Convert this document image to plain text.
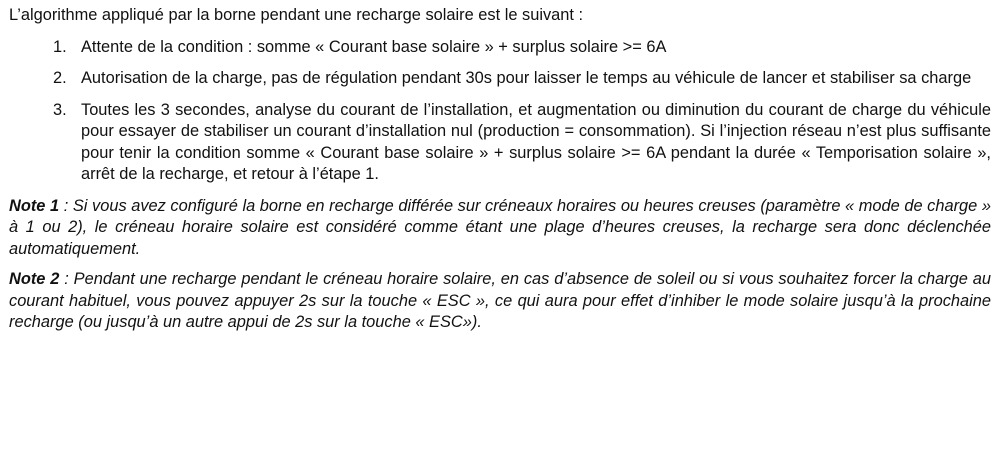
L’algorithme appliqué par la borne pendant une recharge solaire est le suivant :

1. Attente de la condition : somme « Courant base solaire » + surplus solaire >= 6A
2. Autorisation de la charge, pas de régulation pendant 30s pour laisser le temps au véhicule de lancer et stabiliser sa charge
3. Toutes les 3 secondes, analyse du courant de l’installation, et augmentation ou diminution du courant de charge du véhicule pour essayer de stabiliser un courant d’installation nul (production = consommation). Si l’injection réseau n’est plus suffisante pour tenir la condition somme « Courant base solaire » + surplus solaire >= 6A pendant la durée « Temporisation solaire », arrêt de la recharge, et retour à l’étape 1.

Note 1 : Si vous avez configuré la borne en recharge différée sur créneaux horaires ou heures creuses (paramètre « mode de charge » à 1 ou 2), le créneau horaire solaire est considéré comme étant une plage d’heures creuses, la recharge sera donc déclenchée automatiquement.

Note 2 : Pendant une recharge pendant le créneau horaire solaire, en cas d’absence de soleil ou si vous souhaitez forcer la charge au courant habituel, vous pouvez appuyer 2s sur la touche « ESC », ce qui aura pour effet d’inhiber le mode solaire jusqu’à la prochaine recharge (ou jusqu’à un autre appui de 2s sur la touche « ESC»).
